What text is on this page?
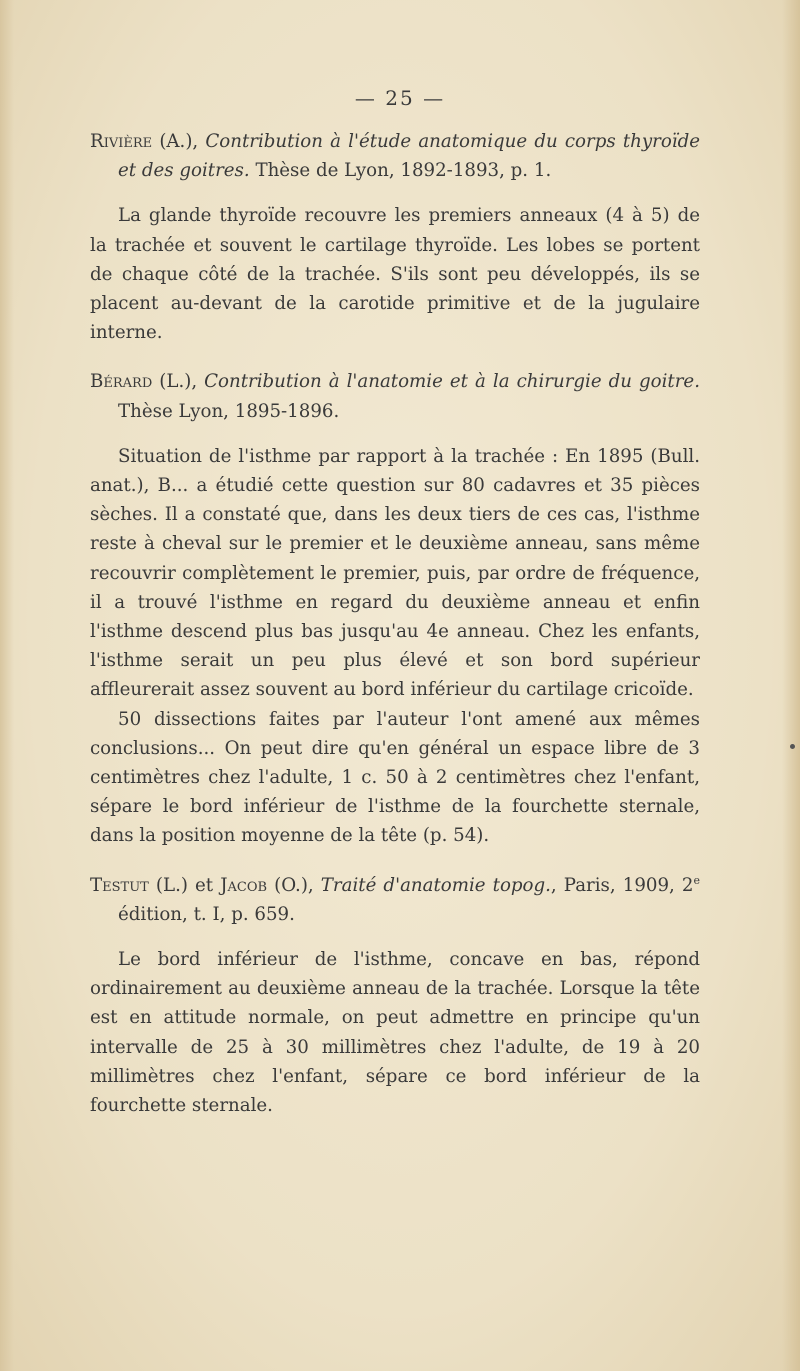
— 25 —
Rivière (A.), Contribution à l'étude anatomique du corps thyroïde et des goitres. Thèse de Lyon, 1892-1893, p. 1.

La glande thyroïde recouvre les premiers anneaux (4 à 5) de la trachée et souvent le cartilage thyroïde. Les lobes se portent de chaque côté de la trachée. S'ils sont peu développés, ils se placent au-devant de la carotide primitive et de la jugulaire interne.

Bérard (L.), Contribution à l'anatomie et à la chirurgie du goitre. Thèse Lyon, 1895-1896.

Situation de l'isthme par rapport à la trachée : En 1895 (Bull. anat.), B... a étudié cette question sur 80 cadavres et 35 pièces sèches. Il a constaté que, dans les deux tiers de ces cas, l'isthme reste à cheval sur le premier et le deuxième anneau, sans même recouvrir complètement le premier, puis, par ordre de fréquence, il a trouvé l'isthme en regard du deuxième anneau et enfin l'isthme descend plus bas jusqu'au 4e anneau. Chez les enfants, l'isthme serait un peu plus élevé et son bord supérieur affleurerait assez souvent au bord inférieur du cartilage cricoïde.

50 dissections faites par l'auteur l'ont amené aux mêmes conclusions... On peut dire qu'en général un espace libre de 3 centimètres chez l'adulte, 1 c. 50 à 2 centimètres chez l'enfant, sépare le bord inférieur de l'isthme de la fourchette sternale, dans la position moyenne de la tête (p. 54).

Testut (L.) et Jacob (O.), Traité d'anatomie topog., Paris, 1909, 2e édition, t. I, p. 659.

Le bord inférieur de l'isthme, concave en bas, répond ordinairement au deuxième anneau de la trachée. Lorsque la tête est en attitude normale, on peut admettre en principe qu'un intervalle de 25 à 30 millimètres chez l'adulte, de 19 à 20 millimètres chez l'enfant, sépare ce bord inférieur de la fourchette sternale.
